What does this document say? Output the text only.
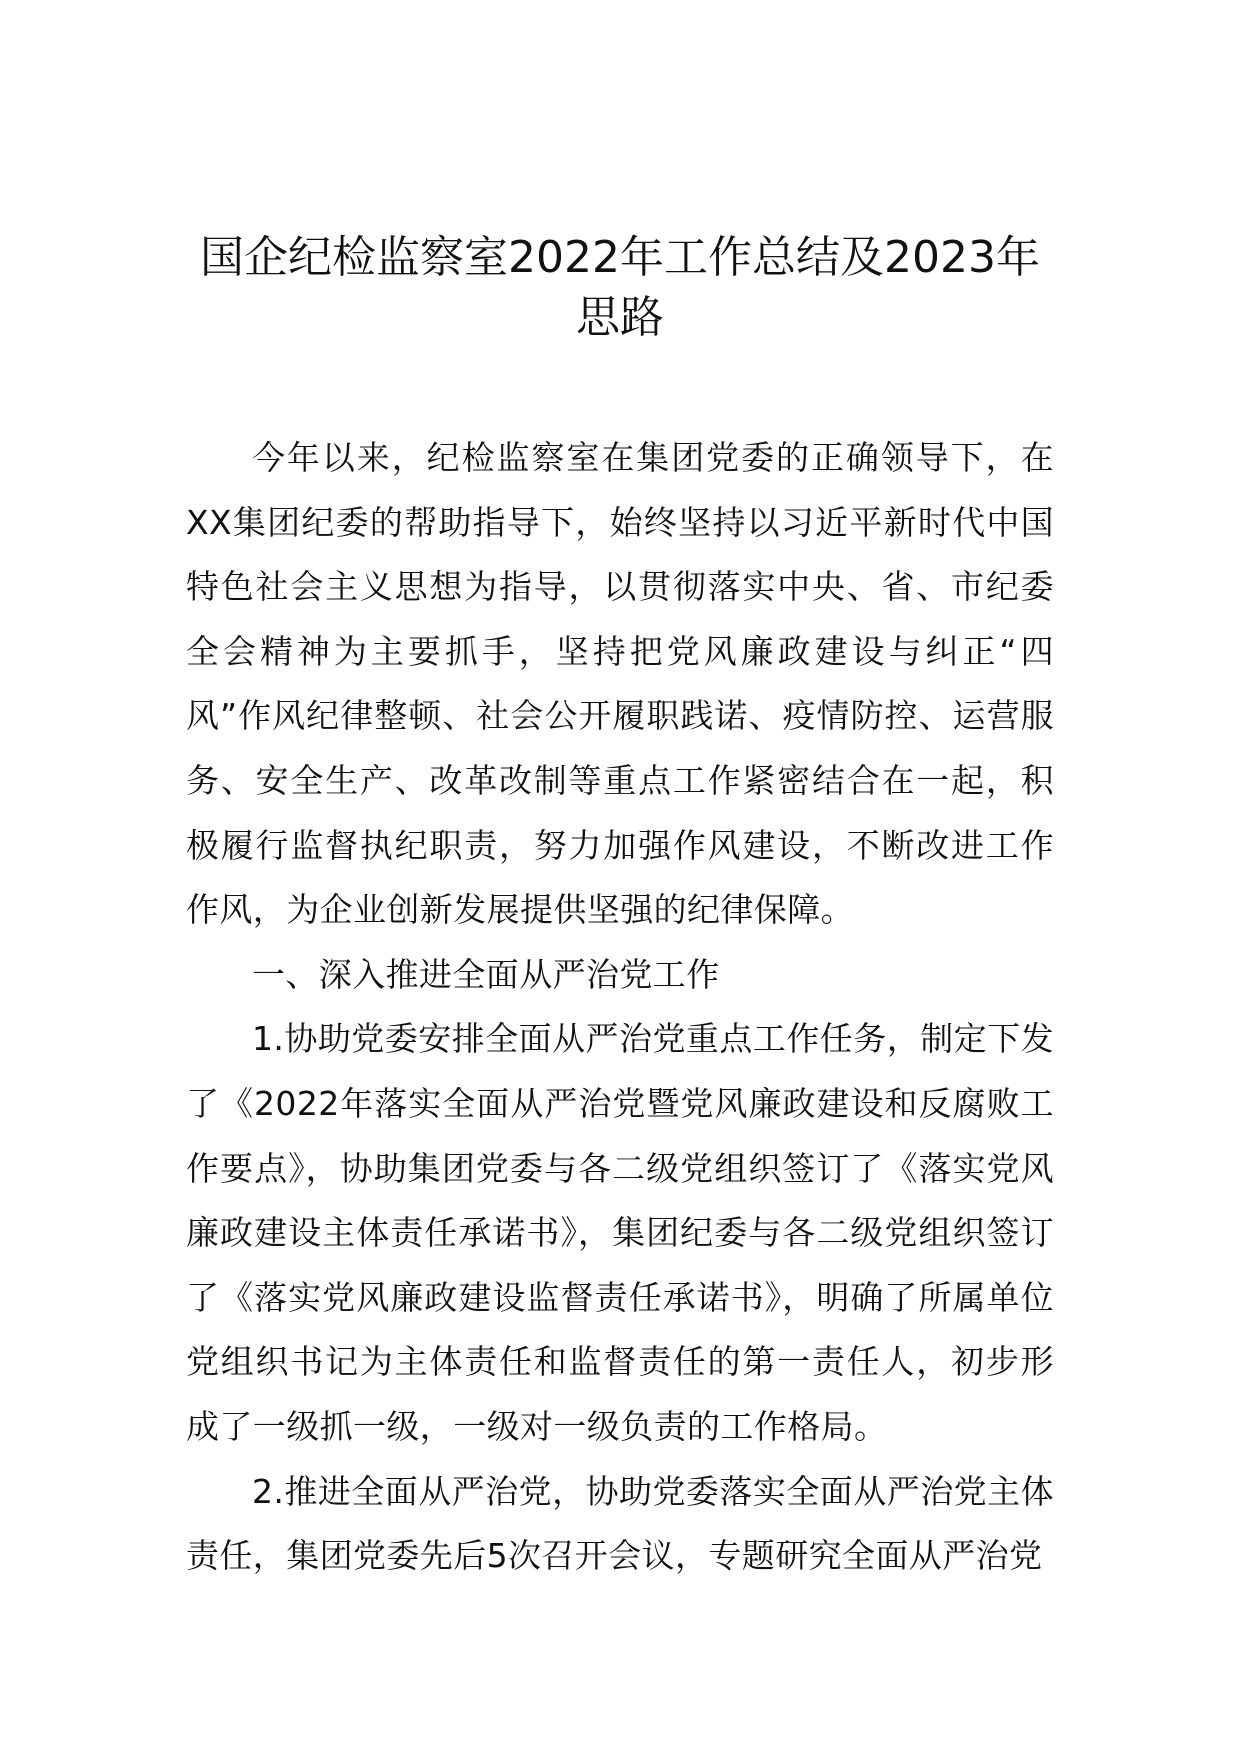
国企纪检监察室2022年工作总结及2023年
思路

今年以来，纪检监察室在集团党委的正确领导下，在XX集团纪委的帮助指导下，始终坚持以习近平新时代中国特色社会主义思想为指导，以贯彻落实中央、省、市纪委全会精神为主要抓手，坚持把党风廉政建设与纠正“四风”作风纪律整顿、社会公开履职践诺、疫情防控、运营服务、安全生产、改革改制等重点工作紧密结合在一起，积极履行监督执纪职责，努力加强作风建设，不断改进工作作风，为企业创新发展提供坚强的纪律保障。

一、深入推进全面从严治党工作

1.协助党委安排全面从严治党重点工作任务，制定下发了《2022年落实全面从严治党暨党风廉政建设和反腐败工作要点》，协助集团党委与各二级党组织签订了《落实党风廉政建设主体责任承诺书》，集团纪委与各二级党组织签订了《落实党风廉政建设监督责任承诺书》，明确了所属单位党组织书记为主体责任和监督责任的第一责任人，初步形成了一级抓一级，一级对一级负责的工作格局。

2.推进全面从严治党，协助党委落实全面从严治党主体责任，集团党委先后5次召开会议，专题研究全面从严治党
